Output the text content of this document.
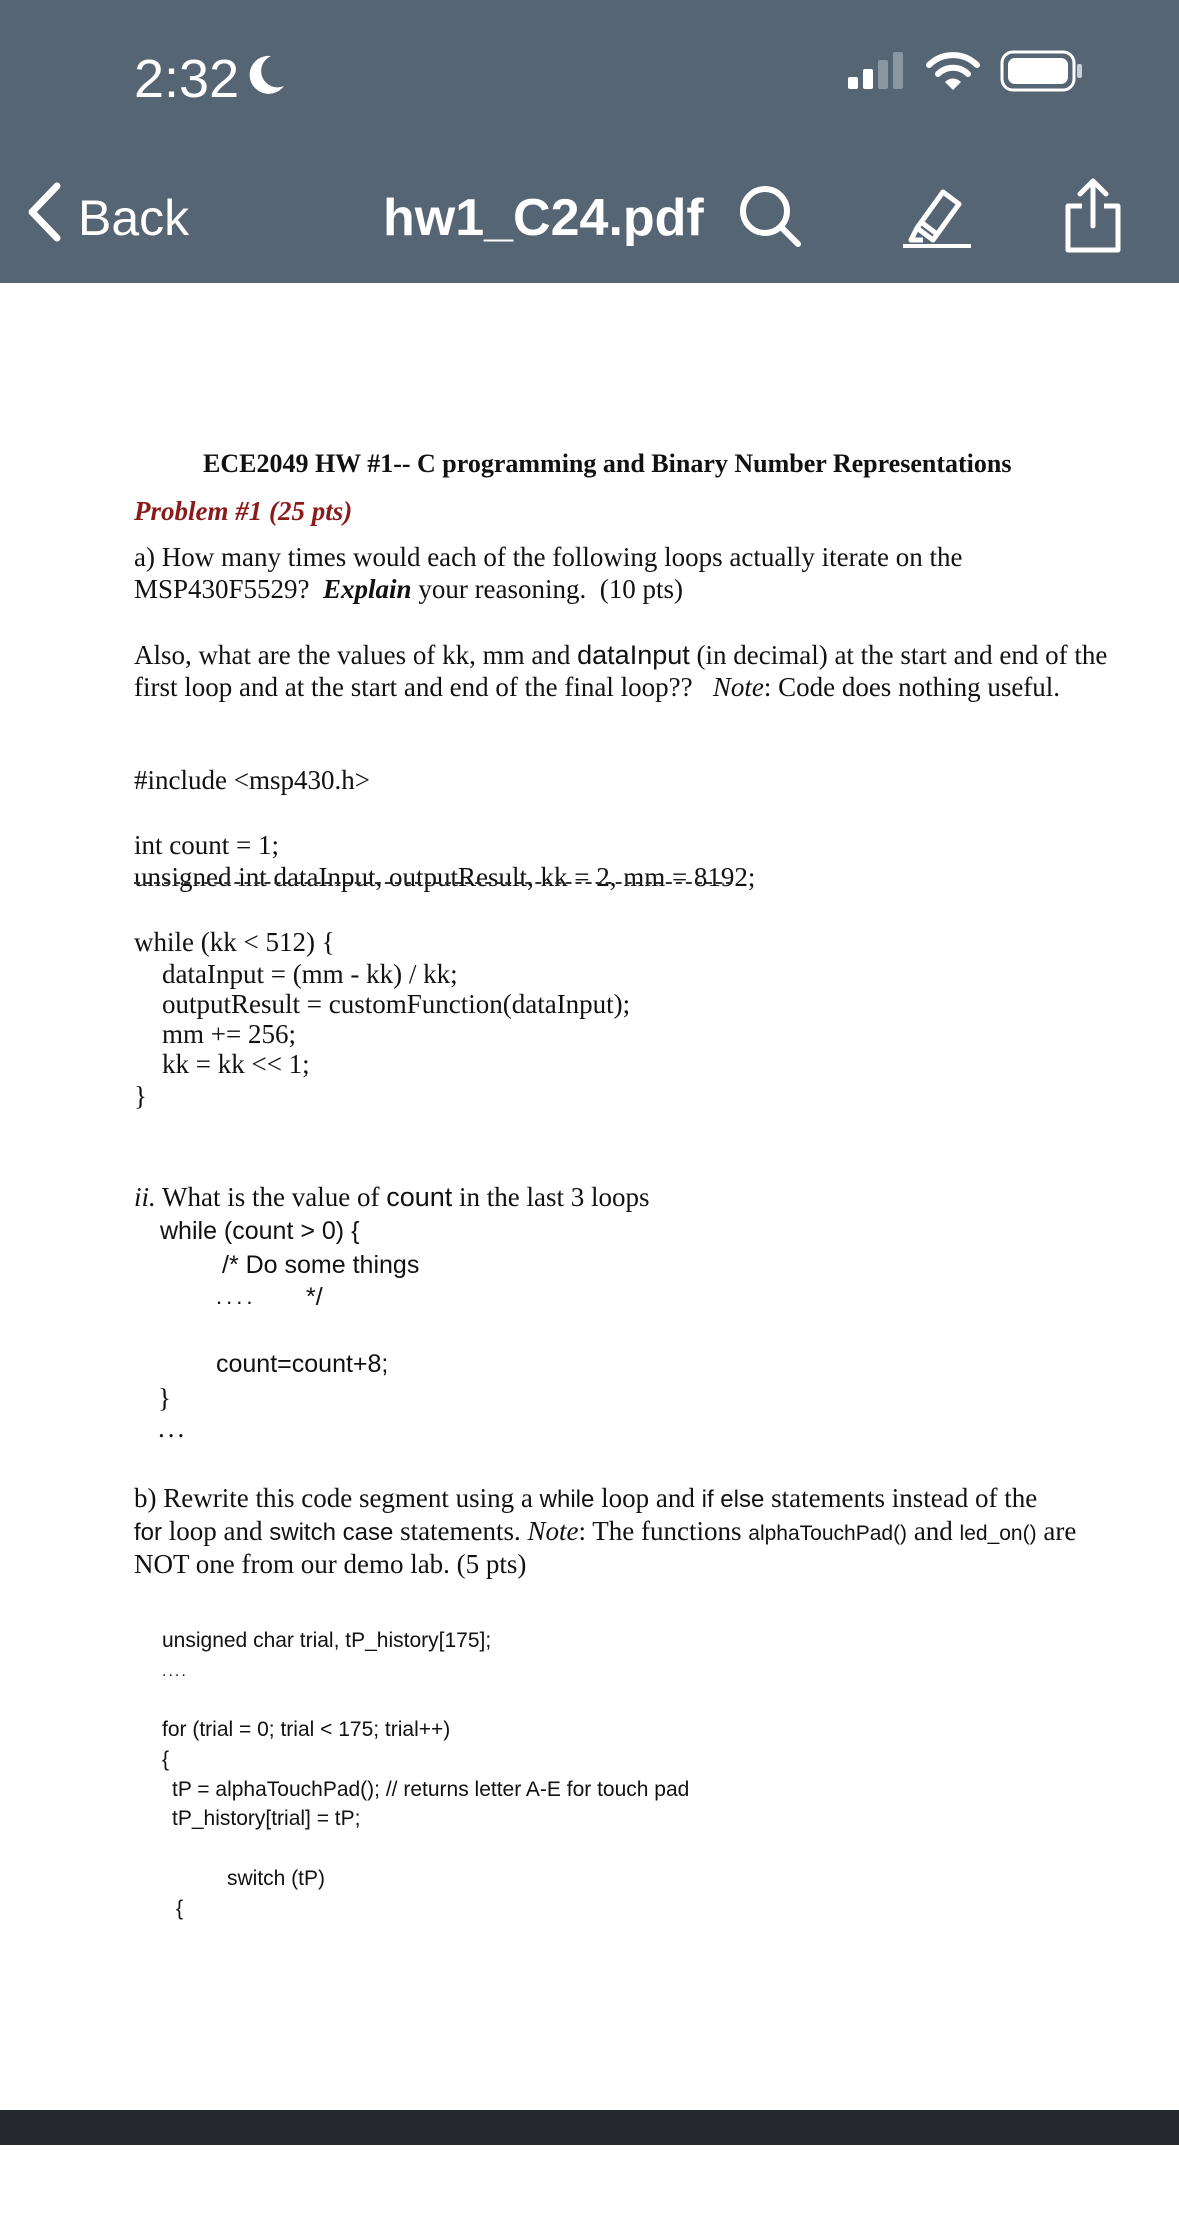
2:32
Back	hw1_C24.pdf
ECE2049 HW #1-- C programming and Binary Number Representations
Problem #1 (25 pts)
a) How many times would each of the following loops actually iterate on the
MSP430F5529?  Explain your reasoning.  (10 pts)
Also, what are the values of kk, mm and dataInput (in decimal) at the start and end of the
first loop and at the start and end of the final loop??   Note: Code does nothing useful.
#include <msp430.h>
int count = 1;
unsigned int dataInput, outputResult, kk = 2, mm = 8192;
while (kk < 512) {
dataInput = (mm - kk) / kk;
outputResult = customFunction(dataInput);
mm += 256;
kk = kk << 1;
}
ii. What is the value of count in the last 3 loops
while (count > 0) {
/* Do some things
.... */
count=count+8;
}
...
b) Rewrite this code segment using a while loop and if else statements instead of the
for loop and switch case statements. Note: The functions alphaTouchPad() and led_on() are
NOT one from our demo lab. (5 pts)
unsigned char trial, tP_history[175];
....
for (trial = 0; trial < 175; trial++)
{
tP = alphaTouchPad(); // returns letter A-E for touch pad
tP_history[trial] = tP;
switch (tP)
{
